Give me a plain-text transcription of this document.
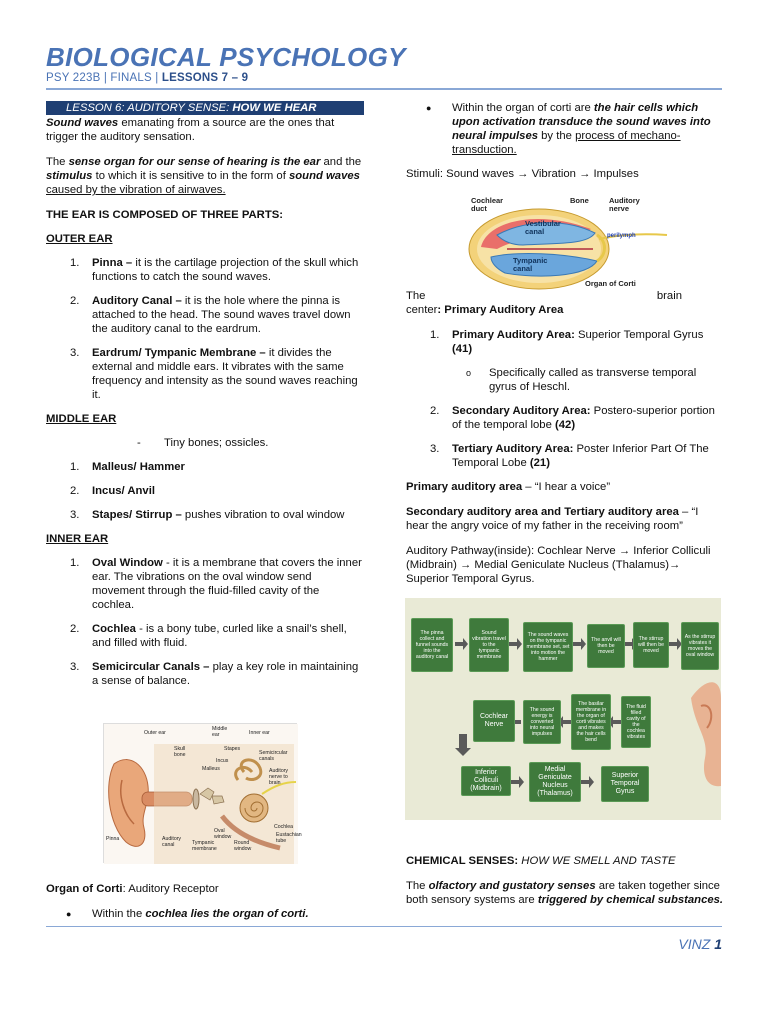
BIOLOGICAL PSYCHOLOGY
PSY 223B | FINALS | LESSONS 7 – 9
LESSON 6: AUDITORY SENSE: HOW WE HEAR
Sound waves emanating from a source are the ones that trigger the auditory sensation.
The sense organ for our sense of hearing is the ear and the stimulus to which it is sensitive to in the form of sound waves caused by the vibration of airwaves.
THE EAR IS COMPOSED OF THREE PARTS:
OUTER EAR
1.	Pinna – it is the cartilage projection of the skull which functions to catch the sound waves.
2.	Auditory Canal – it is the hole where the pinna is attached to the head. The sound waves travel down the auditory canal to the eardrum.
3.	Eardrum/ Tympanic Membrane – it divides the external and middle ears. It vibrates with the same frequency and intensity as the sound waves reaching it.
MIDDLE EAR
- Tiny bones; ossicles.
1.	Malleus/ Hammer
2.	Incus/ Anvil
3.	Stapes/ Stirrup – pushes vibration to oval window
INNER EAR
1.	Oval Window - it is a membrane that covers the inner ear. The vibrations on the oval window send movement through the fluid-filled cavity of the cochlea.
2.	Cochlea - is a bony tube, curled like a snail’s shell, and filled with fluid.
3.	Semicircular Canals – play a key role in maintaining a sense of balance.
Outer ear
Middle ear	Inner ear
Skull bone
Stapes
Semicircular canals
Incus
Malleus	Auditory nerve to brain
Pinna	Auditory canal
Oval window
Tympanic membrane
Round window
Cochlea
Eustachian tube
Organ of Corti: Auditory Receptor
●	Within the cochlea lies the organ of corti.
●	Within the organ of corti are the hair cells which upon activation transduce the sound waves into neural impulses by the process of mechano-transduction.
Stimuli: Sound waves → Vibration → Impulses
Cochlear duct
Bone	Auditory nerve
Vestibular canal	perilymph
Tympanic canal
Organ of Corti
The	brain
center: Primary Auditory Area
1.	Primary Auditory Area: Superior Temporal Gyrus (41)
o	Specifically called as transverse temporal gyrus of Heschl.
2.	Secondary Auditory Area: Postero-superior portion of the temporal lobe (42)
3.	Tertiary Auditory Area: Poster Inferior Part Of The Temporal Lobe (21)
Primary auditory area – “I hear a voice”
Secondary auditory area and Tertiary auditory area – “I hear the angry voice of my father in the receiving room”
Auditory Pathway(inside): Cochlear Nerve → Inferior Colliculi (Midbrain) → Medial Geniculate Nucleus (Thalamus)→ Superior Temporal Gyrus.
The pinna collect and funnel sounds into the auditory canal
Sound vibration travel to the tympanic membrane
The sound waves on the tympanic membrane set, set into motion the hammer
The anvil will then be moved
The stirrup will then be moved
As the stirrup vibrates it moves the oval window
Cochlear Nerve
The sound energy is converted into neural impulses
The basilar membrane in the organ of corti vibrates and makes the hair cells bend
The fluid filled cavity of the cochlea vibrates
Inferior Colliculi (Midbrain)
Medial Geniculate Nucleus (Thalamus)
Superior Temporal Gyrus
CHEMICAL SENSES: HOW WE SMELL AND TASTE
The olfactory and gustatory senses are taken together since both sensory systems are triggered by chemical substances.
VINZ 1
